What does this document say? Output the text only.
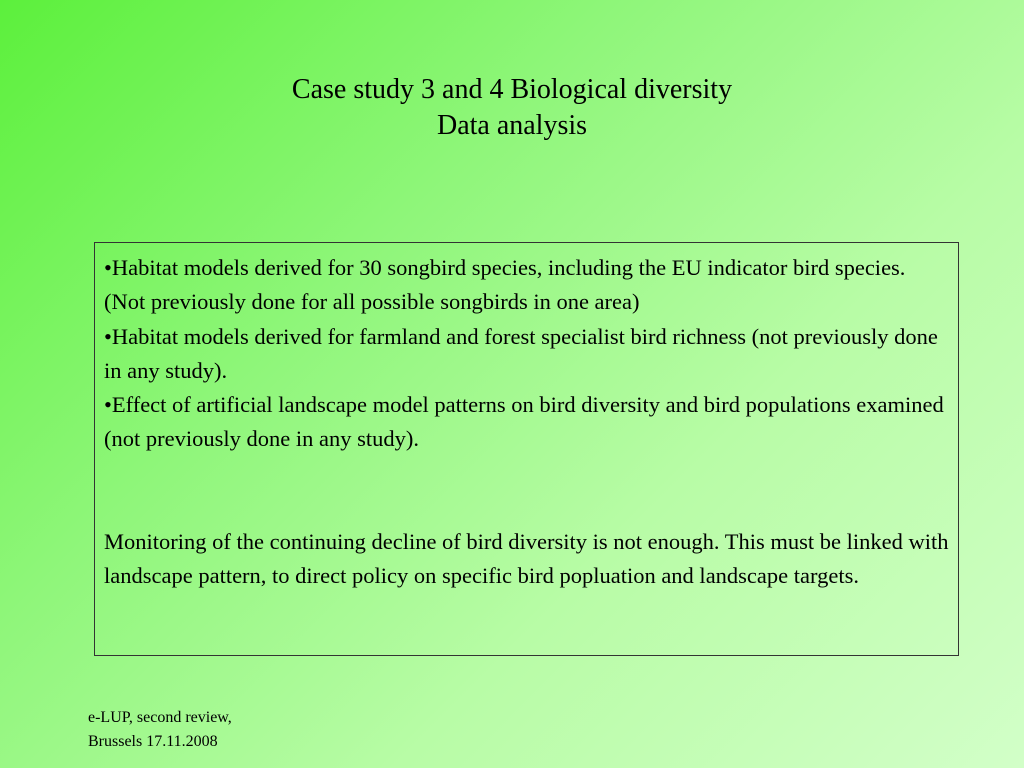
Case study 3 and 4 Biological diversity
Data analysis

•Habitat models derived for 30 songbird species, including the EU indicator bird species. (Not previously done for all possible songbirds in one area)

•Habitat models derived for farmland and forest specialist bird richness (not previously done in any study).

•Effect of artificial landscape model patterns on bird diversity and bird populations examined (not previously done in any study).

Monitoring of the continuing decline of bird diversity is not enough. This must be linked with landscape pattern, to direct policy on specific bird popluation and landscape targets.

e-LUP, second review,
Brussels 17.11.2008
